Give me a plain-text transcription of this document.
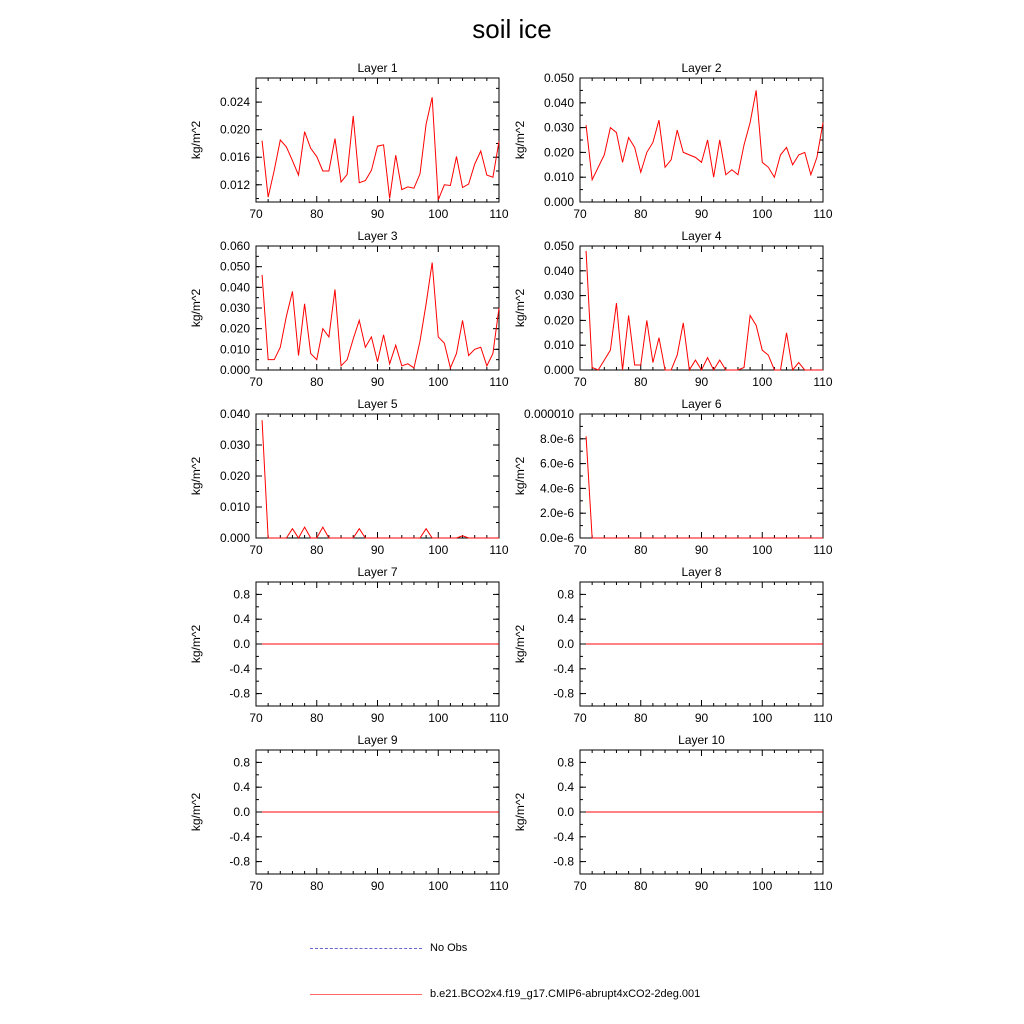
soil ice
70	80	90	100	110
0.012
0.016
0.020
0.024
Layer 1
kg/m^2
70	80	90	100	110
0.000
0.010
0.020
0.030
0.040
0.050
Layer 2
kg/m^2
70	80	90	100	110
0.000
0.010
0.020
0.030
0.040
0.050
0.060
Layer 3
kg/m^2
70	80	90	100	110
0.000
0.010
0.020
0.030
0.040
0.050
Layer 4
kg/m^2
70	80	90	100	110
0.000
0.010
0.020
0.030
0.040
Layer 5
kg/m^2
70	80	90	100	110
0.0e-6
2.0e-6
4.0e-6
6.0e-6
8.0e-6
0.000010
Layer 6
kg/m^2
70	80	90	100	110
-0.8
-0.4
0.0
0.4
0.8
Layer 7
kg/m^2
70	80	90	100	110
-0.8
-0.4
0.0
0.4
0.8
Layer 8
kg/m^2
70	80	90	100	110
-0.8
-0.4
0.0
0.4
0.8
Layer 9
kg/m^2
70	80	90	100	110
-0.8
-0.4
0.0
0.4
0.8
Layer 10
kg/m^2
No Obs
b.e21.BCO2x4.f19_g17.CMIP6-abrupt4xCO2-2deg.001
